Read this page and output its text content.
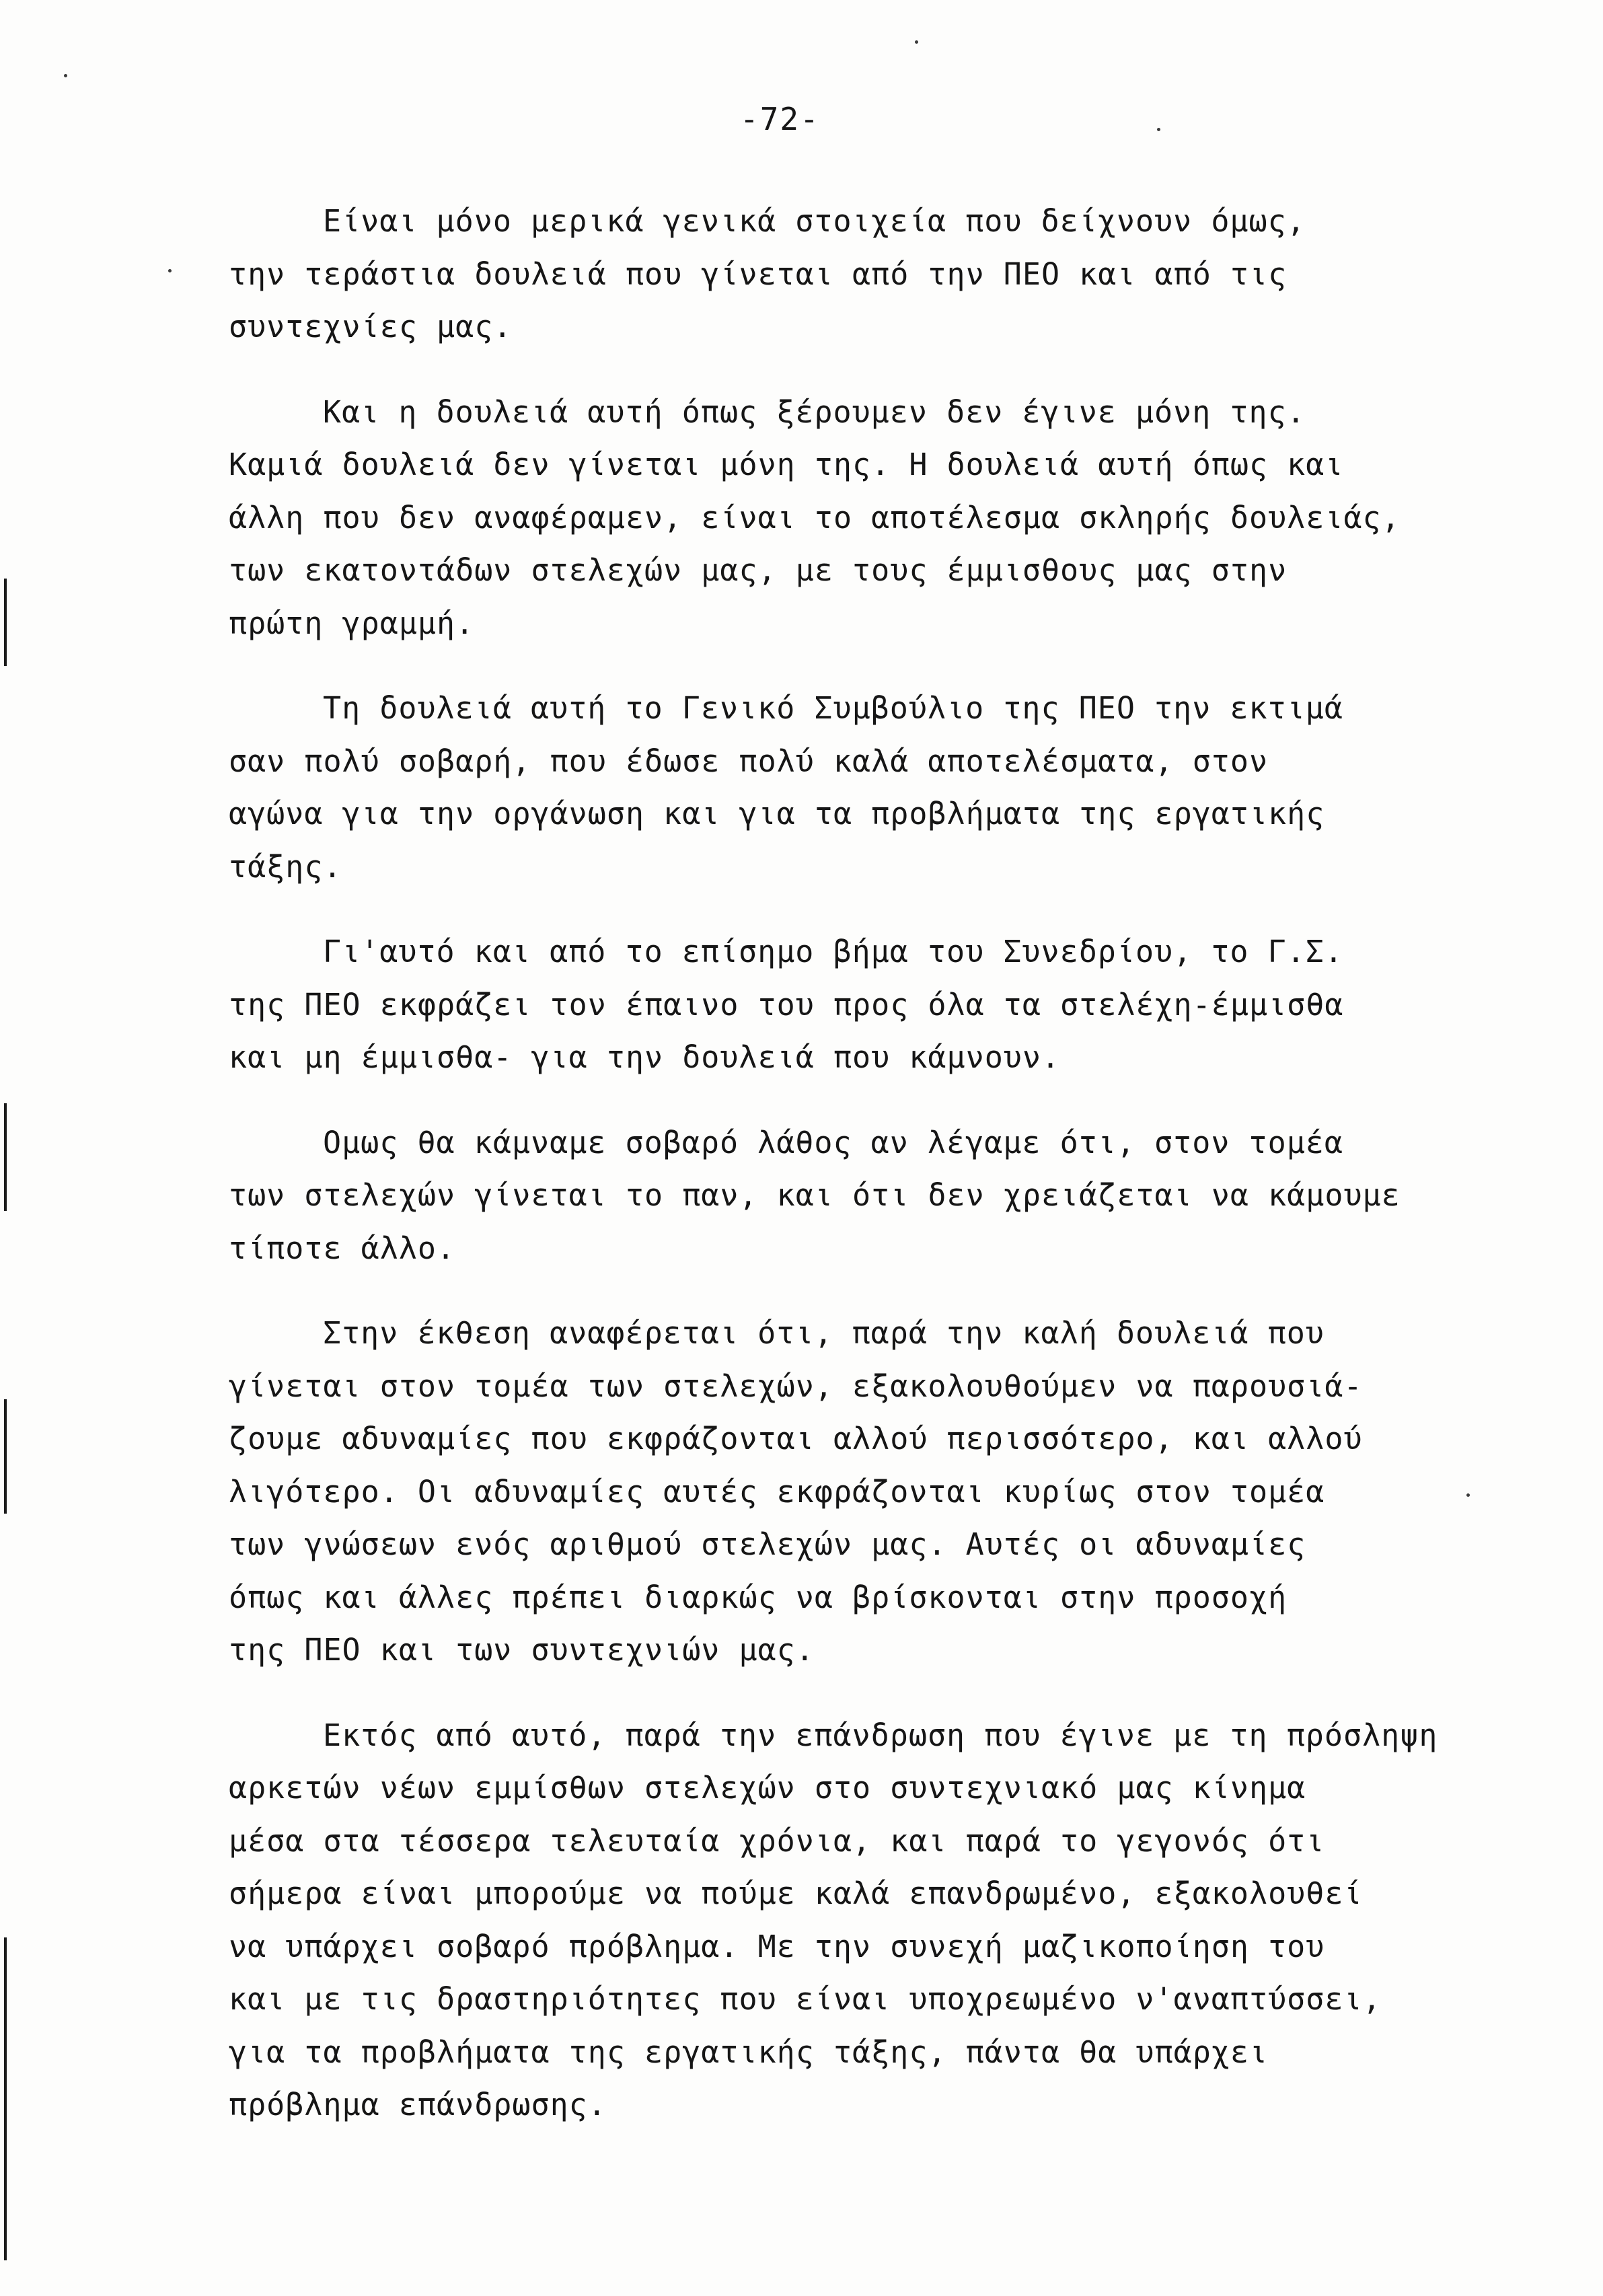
-72-

Είναι μόνο μερικά γενικά στοιχεία που δείχνουν όμως,
την τεράστια δουλειά που γίνεται από την ΠΕΟ και από τις
συντεχνίες μας.

Και η δουλειά αυτή όπως ξέρουμεν δεν έγινε μόνη της.
Καμιά δουλειά δεν γίνεται μόνη της. Η δουλειά αυτή όπως και
άλλη που δεν αναφέραμεν, είναι το αποτέλεσμα σκληρής δουλειάς,
των εκατοντάδων στελεχών μας, με τους έμμισθους μας στην
πρώτη γραμμή.

Τη δουλειά αυτή το Γενικό Συμβούλιο της ΠΕΟ την εκτιμά
σαν πολύ σοβαρή, που έδωσε πολύ καλά αποτελέσματα, στον
αγώνα για την οργάνωση και για τα προβλήματα της εργατικής
τάξης.

Γι'αυτό και από το επίσημο βήμα του Συνεδρίου, το Γ.Σ.
της ΠΕΟ εκφράζει τον έπαινο του προς όλα τα στελέχη-έμμισθα
και μη έμμισθα- για την δουλειά που κάμνουν.

Ομως θα κάμναμε σοβαρό λάθος αν λέγαμε ότι, στον τομέα
των στελεχών γίνεται το παν, και ότι δεν χρειάζεται να κάμουμε
τίποτε άλλο.

Στην έκθεση αναφέρεται ότι, παρά την καλή δουλειά που
γίνεται στον τομέα των στελεχών, εξακολουθούμεν να παρουσιά-
ζουμε αδυναμίες που εκφράζονται αλλού περισσότερο, και αλλού
λιγότερο. Οι αδυναμίες αυτές εκφράζονται κυρίως στον τομέα
των γνώσεων ενός αριθμού στελεχών μας. Αυτές οι αδυναμίες
όπως και άλλες πρέπει διαρκώς να βρίσκονται στην προσοχή
της ΠΕΟ και των συντεχνιών μας.

Εκτός από αυτό, παρά την επάνδρωση που έγινε με τη πρόσληψη
αρκετών νέων εμμίσθων στελεχών στο συντεχνιακό μας κίνημα
μέσα στα τέσσερα τελευταία χρόνια, και παρά το γεγονός ότι
σήμερα είναι μπορούμε να πούμε καλά επανδρωμένο, εξακολουθεί
να υπάρχει σοβαρό πρόβλημα. Με την συνεχή μαζικοποίηση του
και με τις δραστηριότητες που είναι υποχρεωμένο ν'αναπτύσσει,
για τα προβλήματα της εργατικής τάξης, πάντα θα υπάρχει
πρόβλημα επάνδρωσης.
